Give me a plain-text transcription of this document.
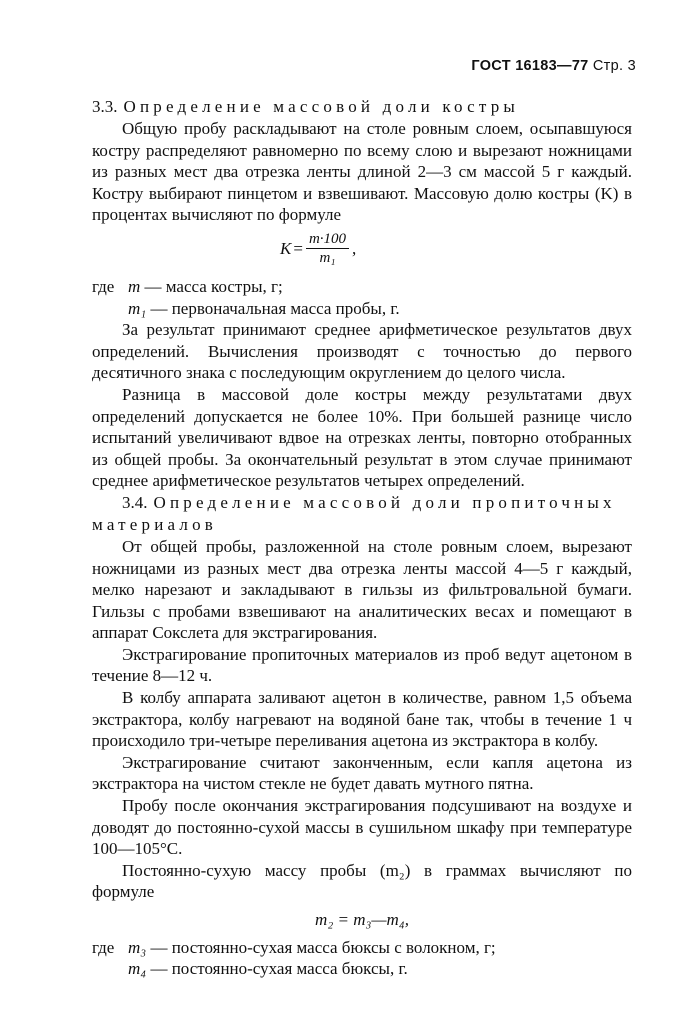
ГОСТ 16183—77 Стр. 3
3.3. Определение массовой доли костры

Общую пробу раскладывают на столе ровным слоем, осыпавшуюся костру распределяют равномерно по всему слою и вырезают ножницами из разных мест два отрезка ленты длиной 2—3 см массой 5 г каждый. Костру выбирают пинцетом и взвешивают. Массовую долю костры (K) в процентах вычисляют по формуле

$K = \frac{m\cdot 100}{\text{m₁}}$ ,
где m — масса костры, г;
m₁ — первоначальная масса пробы, г.

За результат принимают среднее арифметическое результатов двух определений. Вычисления производят с точностью до первого десятичного знака с последующим округлением до целого числа.

Разница в массовой доле костры между результатами двух определений допускается не более 10%. При большей разнице число испытаний увеличивают вдвое на отрезках ленты, повторно отобранных из общей пробы. За окончательный результат в этом случае принимают среднее арифметическое результатов четырех определений.

3.4. Определение массовой доли пропиточных материалов

От общей пробы, разложенной на столе ровным слоем, вырезают ножницами из разных мест два отрезка ленты массой 4—5 г каждый, мелко нарезают и закладывают в гильзы из фильтровальной бумаги. Гильзы с пробами взвешивают на аналитических весах и помещают в аппарат Сокслета для экстрагирования.

Экстрагирование пропиточных материалов из проб ведут ацетоном в течение 8—12 ч.

В колбу аппарата заливают ацетон в количестве, равном 1,5 объема экстрактора, колбу нагревают на водяной бане так, чтобы в течение 1 ч происходило три-четыре переливания ацетона из экстрактора в колбу.

Экстрагирование считают законченным, если капля ацетона из экстрактора на чистом стекле не будет давать мутного пятна.

Пробу после окончания экстрагирования подсушивают на воздухе и доводят до постоянно-сухой массы в сушильном шкафу при температуре 100—105°С.

Постоянно-сухую массу пробы (m₂) в граммах вычисляют по формуле

m₂ = m₃—m₄,
где m₃ — постоянно-сухая масса бюксы с волокном, г;
m₄ — постоянно-сухая масса бюксы, г.
